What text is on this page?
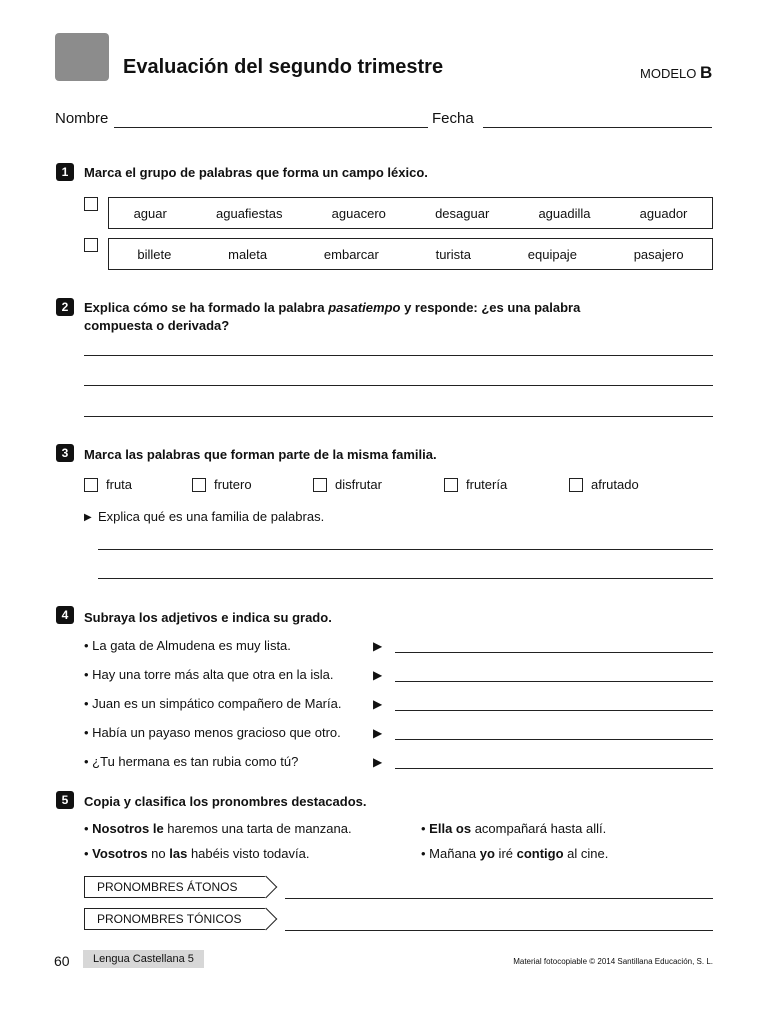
Evaluación del segundo trimestre	MODELO B
Nombre	Fecha
1	Marca el grupo de palabras que forma un campo léxico.
aguar	aguafiestas	aguacero	desaguar	aguadilla	aguador
billete	maleta	embarcar	turista	equipaje	pasajero
2	Explica cómo se ha formado la palabra pasatiempo y responde: ¿es una palabra
compuesta o derivada?
3	Marca las palabras que forman parte de la misma familia.
fruta	frutero	disfrutar	frutería	afrutado
▶ Explica qué es una familia de palabras.
4	Subraya los adjetivos e indica su grado.
• La gata de Almudena es muy lista.	▶
• Hay una torre más alta que otra en la isla.	▶
• Juan es un simpático compañero de María.	▶
• Había un payaso menos gracioso que otro.	▶
• ¿Tu hermana es tan rubia como tú?	▶
5	Copia y clasifica los pronombres destacados.
• Nosotros le haremos una tarta de manzana.
• Vosotros no las habéis visto todavía.
• Ella os acompañará hasta allí.
• Mañana yo iré contigo al cine.
PRONOMBRES ÁTONOS
PRONOMBRES TÓNICOS
60	Lengua Castellana 5	Material fotocopiable © 2014 Santillana Educación, S. L.
